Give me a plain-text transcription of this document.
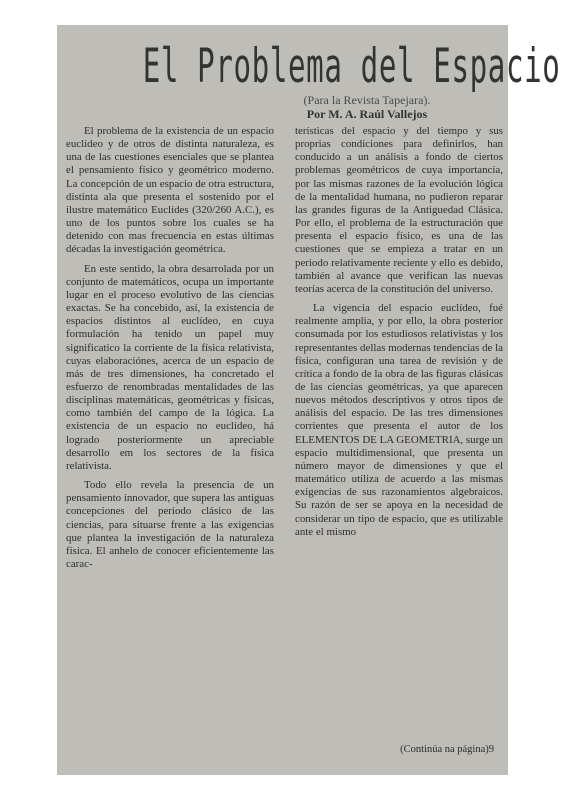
El Problema del Espacio
(Para la Revista Tapejara).
Por M. A. Raúl Vallejos

El problema de la existencia de un espacio euclídeo y de otros de distinta naturaleza, es una de las cuestiones esenciales que se plantea el pensamiento físico y geométrico moderno. La concepción de un espacio de otra estructura, distinta ala que presenta el sostenido por el ilustre matemático Euclides (320/260 A.C.), es uno de los puntos sobre los cuales se ha detenido con mas frecuencia en estas últimas décadas la investigación geométrica.

En este sentido, la obra desarrolada por un conjunto de matemáticos, ocupa un importante lugar en el proceso evolutivo de las ciencias exactas. Se ha concebido, así, la existencia de espacios distintos al euclídeo, en cuya formulación ha tenido un papel muy significatico la corriente de la física relativista, cuyas elaboraciónes, acerca de un espacio de más de tres dimensiones, ha concretado el esfuerzo de renombradas mentalidades de las disciplinas matemáticas, geométricas y físicas, como también del campo de la lógica. La existencia de un espacio no euclídeo, há logrado posteriormente un apreciable desarrollo em los sectores de la física relativista.

Todo ello revela la presencia de un pensamiento innovador, que supera las antiguas concepciones del periodo clásico de las ciencias, para situarse frente a las exigencias que plantea la investigación de la naturaleza física. El anhelo de conocer eficientemente las carac-

terísticas del espacio y del tiempo y sus proprias condiciones para definirlos, han conducido a un análisis a fondo de ciertos problemas geométricos de cuya importancia, por las mismas razones de la evolución lógica de la mentalidad humana, no pudieron reparar las grandes figuras de la Antiguedad Clásica. Por ello, el problema de la estructuración que presenta el espacio físico, es una de las cuestiones que se empieza a tratar en un periodo relativamente reciente y ello es debido, también al avance que verifican las nuevas teorías acerca de la constitución del universo.

La vigencia del espacio euclídeo, fué realmente amplia, y por ello, la obra posterior consumada por los estudiosos relativistas y los representantes dellas modernas tendencias de la física, configuran una tarea de revisión y de crítica a fondo de la obra de las figuras clásicas de las ciencias geométricas, ya que aparecen nuevos métodos descriptivos y otros tipos de análisis del espacio. De las tres dimensiones corrientes que presenta el autor de los ELEMENTOS DE LA GEOMETRIA, surge un espacio multidimensional, que presenta un número mayor de dimensiones y que el matemático utiliza de acuerdo a las mismas exigencias de sus razonamientos algebraicos. Su razón de ser se apoya en la necesidad de considerar un tipo de espacio, que es utilizable ante el mismo

(Continúa na página)9
